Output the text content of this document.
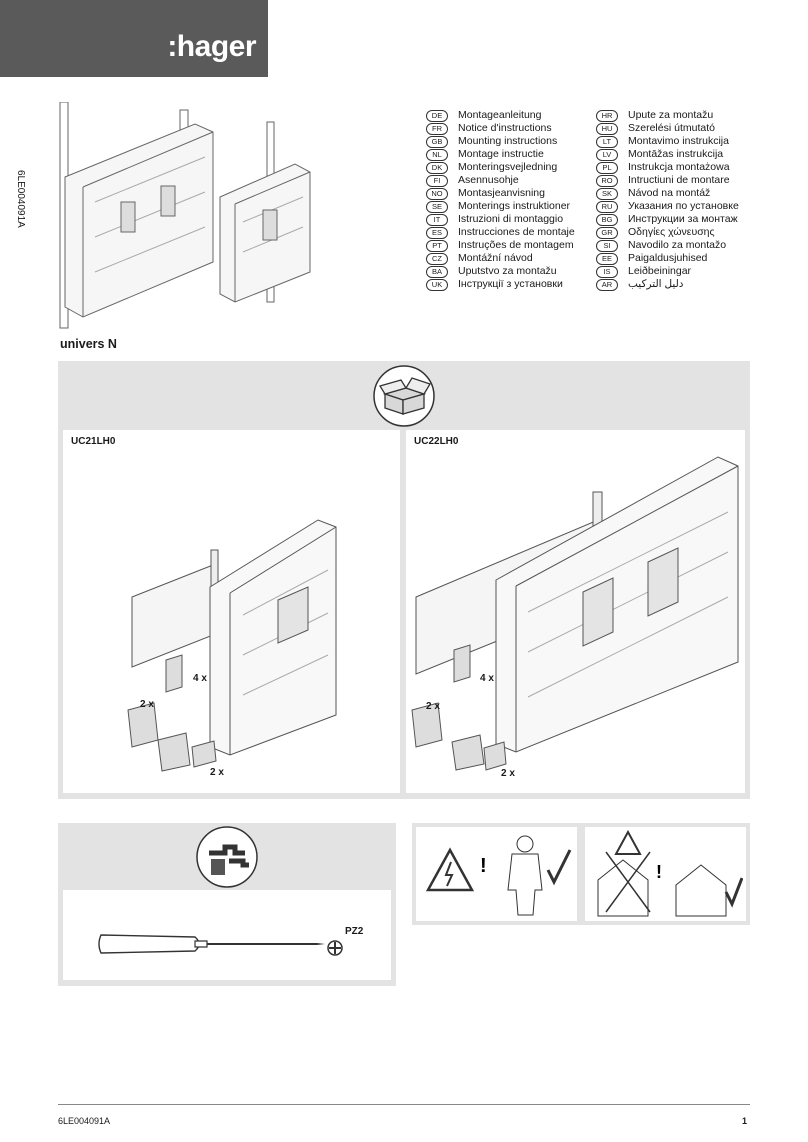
:hager
6LE004091A
DE	Montageanleitung
FR	Notice d'instructions
GB	Mounting instructions
NL	Montage instructie
DK	Monteringsvejledning
FI	Asennusohje
NO	Montasjeanvisning
SE	Monterings instruktioner
IT	Istruzioni di montaggio
ES	Instrucciones de montaje
PT	Instruções de montagem
CZ	Montážní návod
BA	Uputstvo za montažu
UK	Інструкції з установки
HR	Upute za montažu
HU	Szerelési útmutató
LT	Montavimo instrukcija
LV	Montāžas instrukcija
PL	Instrukcja montażowa
RO	Intructiuni de montare
SK	Návod na montáž
RU	Указания по установке
BG	Инструкции за монтаж
GR	Οδηγίες χώνευσης
SI	Navodilo za montažo
EE	Paigaldusjuhised
IS	Leiðbeiningar
AR	دليل التركيب
univers N
UC21LH0
4 x
2 x
2 x
UC22LH0
4 x
2 x
2 x
PZ2
!	!
6LE004091A	1
